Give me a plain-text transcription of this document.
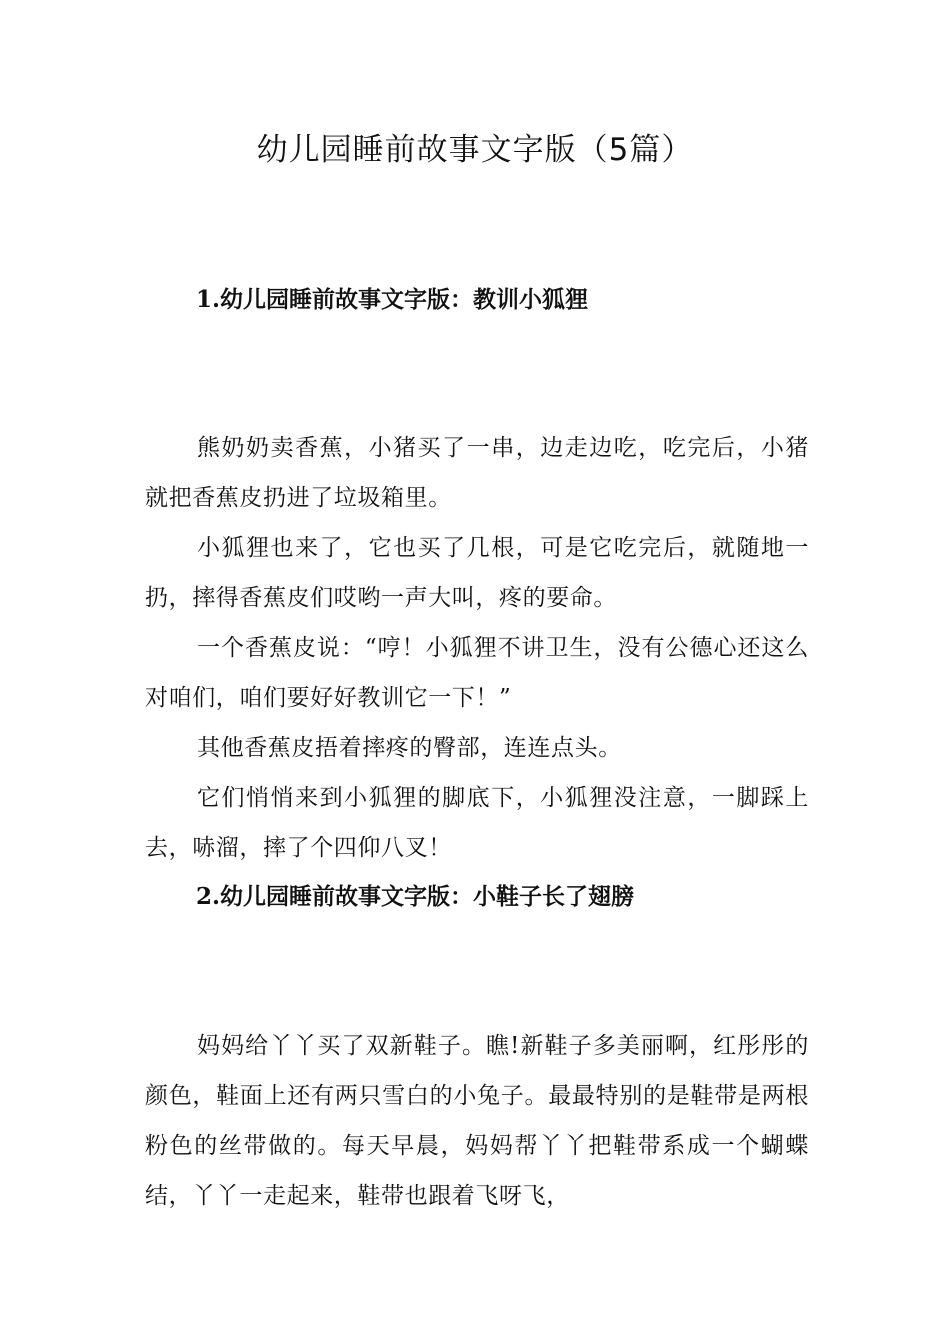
幼儿园睡前故事文字版（5篇）
1.幼儿园睡前故事文字版：教训小狐狸

熊奶奶卖香蕉，小猪买了一串，边走边吃，吃完后，小猪就把香蕉皮扔进了垃圾箱里。

小狐狸也来了，它也买了几根，可是它吃完后，就随地一扔，摔得香蕉皮们哎哟一声大叫，疼的要命。

一个香蕉皮说：“哼！小狐狸不讲卫生，没有公德心还这么对咱们，咱们要好好教训它一下！”

其他香蕉皮捂着摔疼的臀部，连连点头。

它们悄悄来到小狐狸的脚底下，小狐狸没注意，一脚踩上去，哧溜，摔了个四仰八叉！

2.幼儿园睡前故事文字版：小鞋子长了翅膀

妈妈给丫丫买了双新鞋子。瞧!新鞋子多美丽啊，红彤彤的颜色，鞋面上还有两只雪白的小兔子。最最特别的是鞋带是两根粉色的丝带做的。每天早晨，妈妈帮丫丫把鞋带系成一个蝴蝶结，丫丫一走起来，鞋带也跟着飞呀飞，
